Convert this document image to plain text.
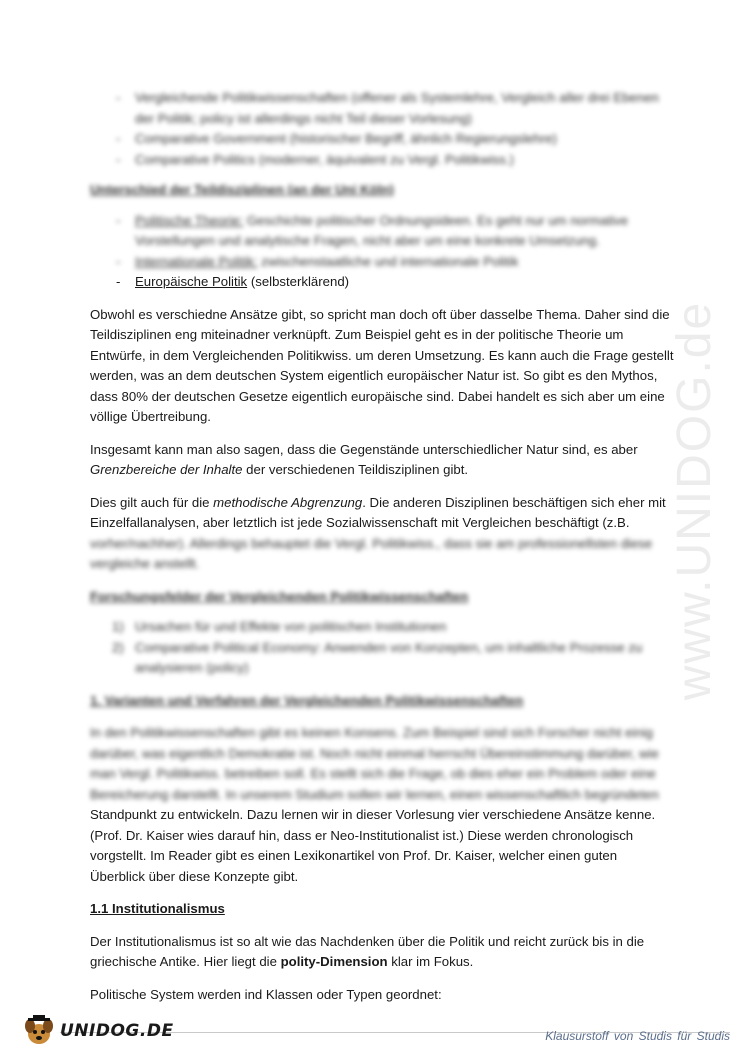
www.UNIDOG.de
- Vergleichende Politikwissenschaften (offener als Systemlehre, Vergleich aller drei Ebenen der Politik; policy ist allerdings nicht Teil dieser Vorlesung)
- Comparative Government (historischer Begriff, ähnlich Regierungslehre)
- Comparative Politics (moderner, äquivalent zu Vergl. Politikwiss.)

Unterschied der Teildisziplinen (an der Uni Köln)

- Politische Theorie: Geschichte politischer Ordnungsideen. Es geht nur um normative Vorstellungen und analytische Fragen, nicht aber um eine konkrete Umsetzung.
- Internationale Politik: zwischenstaatliche und internationale Politik
- Europäische Politik (selbsterklärend)

Obwohl es verschiedne Ansätze gibt, so spricht man doch oft über dasselbe Thema. Daher sind die Teildisziplinen eng miteinadner verknüpft. Zum Beispiel geht es in der politische Theorie um Entwürfe, in dem Vergleichenden Politikwiss. um deren Umsetzung. Es kann auch die Frage gestellt werden, was an dem deutschen System eigentlich europäischer Natur ist. So gibt es den Mythos, dass 80% der deutschen Gesetze eigentlich europäische sind. Dabei handelt es sich aber um eine völlige Übertreibung.

Insgesamt kann man also sagen, dass die Gegenstände unterschiedlicher Natur sind, es aber Grenzbereiche der Inhalte der verschiedenen Teildisziplinen gibt.

Dies gilt auch für die methodische Abgrenzung. Die anderen Disziplinen beschäftigen sich eher mit Einzelfallanalysen, aber letztlich ist jede Sozialwissenschaft mit Vergleichen beschäftigt (z.B.

vorher/nachher). Allerdings behauptet die Vergl. Politikwiss., dass sie am professionellsten diese vergleiche anstellt.

Forschungsfelder der Vergleichenden Politikwissenschaften

1) Ursachen für und Effekte von politischen Institutionen
2) Comparative Political Economy: Anwenden von Konzepten, um inhaltliche Prozesse zu analysieren (policy)

1. Varianten und Verfahren der Vergleichenden Politikwissenschaften

In den Politikwissenschaften gibt es keinen Konsens. Zum Beispiel sind sich Forscher nicht einig darüber, was eigentlich Demokratie ist. Noch nicht einmal herrscht Übereinstimmung darüber, wie man Vergl. Politikwiss. betreiben soll. Es stellt sich die Frage, ob dies eher ein Problem oder eine Bereicherung darstellt. In unserem Studium sollen wir lernen, einen wissenschaftlich begründeten

Standpunkt zu entwickeln. Dazu lernen wir in dieser Vorlesung vier verschiedene Ansätze kenne. (Prof. Dr. Kaiser wies darauf hin, dass er Neo-Institutionalist ist.) Diese werden chronologisch vorgstellt. Im Reader gibt es einen Lexikonartikel von Prof. Dr. Kaiser, welcher einen guten Überblick über diese Konzepte gibt.

1.1 Institutionalismus

Der Institutionalismus ist so alt wie das Nachdenken über die Politik und reicht zurück bis in die griechische Antike. Hier liegt die polity-Dimension klar im Fokus.

Politische System werden ind Klassen oder Typen geordnet:

UNIDOG.DE	Klausurstoff von Studis für Studis
